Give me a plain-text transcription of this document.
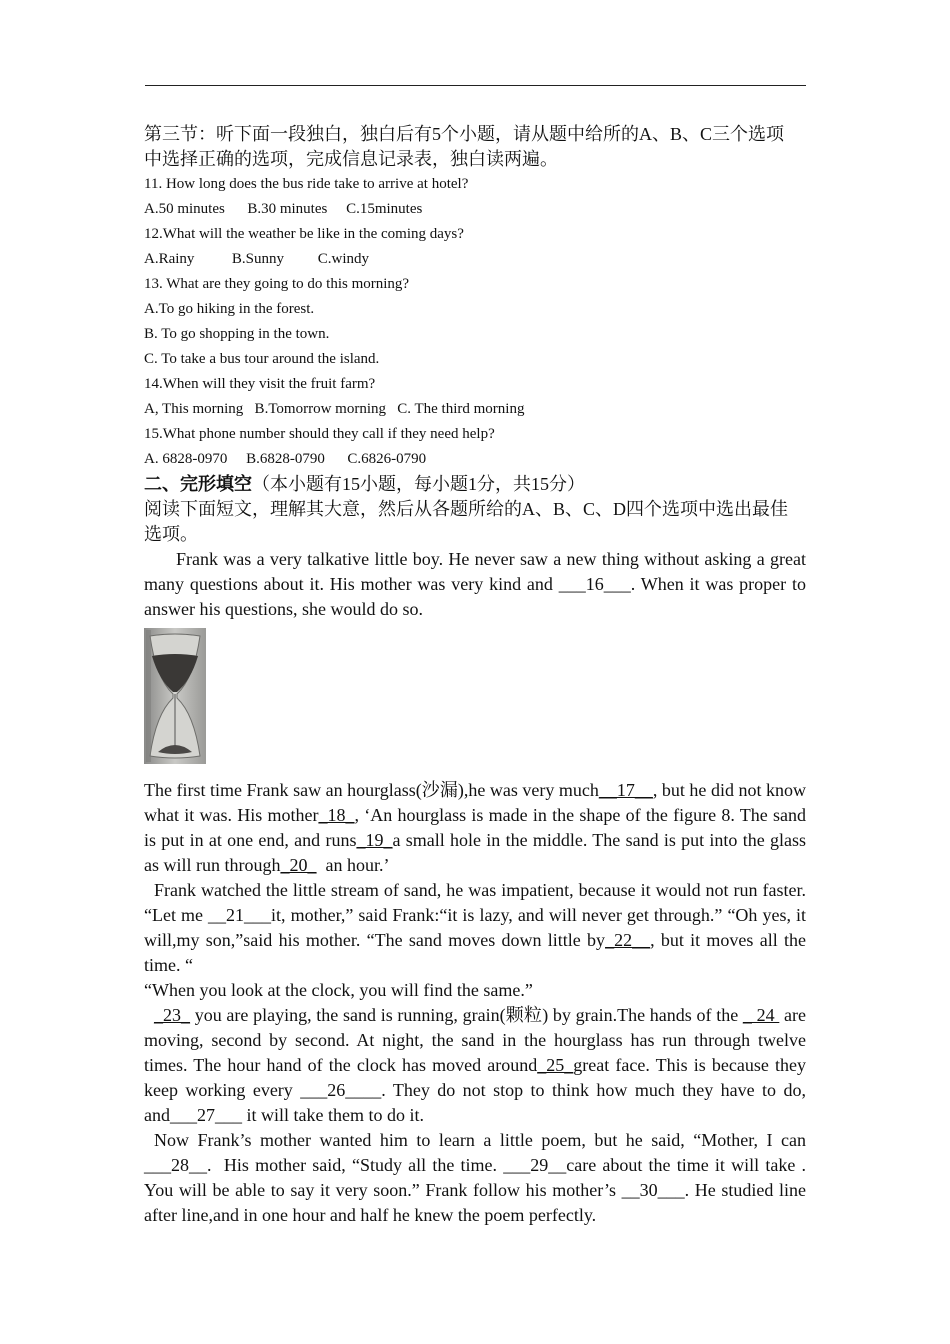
第三节：听下面一段独白，独白后有5个小题，请从题中给所的A、B、C三个选项
中选择正确的选项，完成信息记录表，独白读两遍。

11. How long does the bus ride take to arrive at hotel?

A.50 minutes      B.30 minutes     C.15minutes

12.What will the weather be like in the coming days?

A.Rainy          B.Sunny         C.windy

13. What are they going to do this morning?

A.To go hiking in the forest.

B. To go shopping in the town.

C. To take a bus tour around the island.

14.When will they visit the fruit farm?

A, This morning   B.Tomorrow morning   C. The third morning

15.What phone number should they call if they need help?

A. 6828-0970     B.6828-0790      C.6826-0790

二、完形填空（本小题有15小题，每小题1分，共15分）

阅读下面短文，理解其大意，然后从各题所给的A、B、C、D四个选项中选出最佳
选项。

Frank was a very talkative little boy. He never saw a new thing without asking a great many questions about it. His mother was very kind and ___16___. When it was proper to answer his questions, she would do so.

The first time Frank saw an hourglass(沙漏),he was very much__17__, but he did not know what it was. His mother_18_, ‘An hourglass is made in the shape of the figure 8. The sand is put in at one end, and runs_19_a small hole in the middle. The sand is put into the glass as will run through_20_  an hour.’

Frank watched the little stream of sand, he was impatient, because it would not run faster. “Let me __21___it, mother,” said Frank:“it is lazy, and will never get through.” “Oh yes, it will,my son,”said his mother. “The sand moves down little by_22__, but it moves all the time. “

“When you look at the clock, you will find the same.”

_23_ you are playing, the sand is running, grain(颗粒) by grain.The hands of the _ 24  are moving, second by second. At night, the sand in the hourglass has run through twelve times. The hour hand of the clock has moved around_25_great face. This is because they keep working every ___26____. They do not stop to think how much they have to do, and___27___ it will take them to do it.

Now Frank’s mother wanted him to learn a little poem, but he said, “Mother, I can ___28__.  His mother said, “Study all the time. ___29__care about the time it will take . You will be able to say it very soon.” Frank follow his mother’s __30___. He studied line after line,and in one hour and half he knew the poem perfectly.
